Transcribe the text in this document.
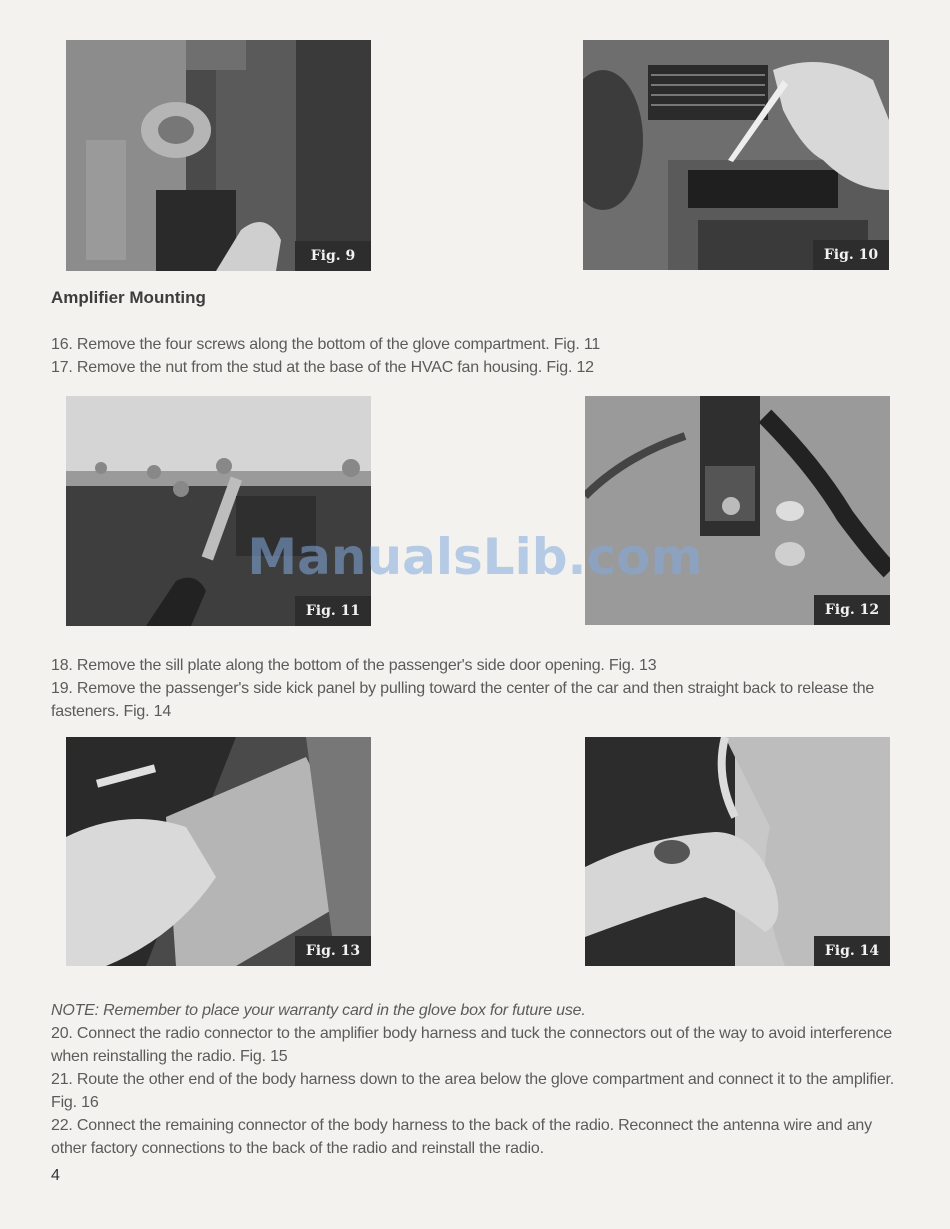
Fig. 9	Fig. 10
Amplifier Mounting
16. Remove the four screws along the bottom of the glove compartment. Fig. 11
17. Remove the nut from the stud at the base of the HVAC fan housing. Fig. 12
Fig. 11	Fig. 12
18. Remove the sill plate along the bottom of the passenger's side door opening. Fig. 13
19. Remove the passenger's side kick panel by pulling toward the center of the car and then straight back to release the fasteners. Fig. 14
Fig. 13	Fig. 14
NOTE: Remember to place your warranty card in the glove box for future use.
20. Connect the radio connector to the amplifier body harness and tuck the connectors out of the way to avoid interference when reinstalling the radio. Fig. 15
21. Route the other end of the body harness down to the area below the glove compartment and connect it to the amplifier. Fig. 16
22. Connect the remaining connector of the body harness to the back of the radio. Reconnect the antenna wire and any other factory connections to the back of the radio and reinstall the radio.
4
ManualsLib.com
